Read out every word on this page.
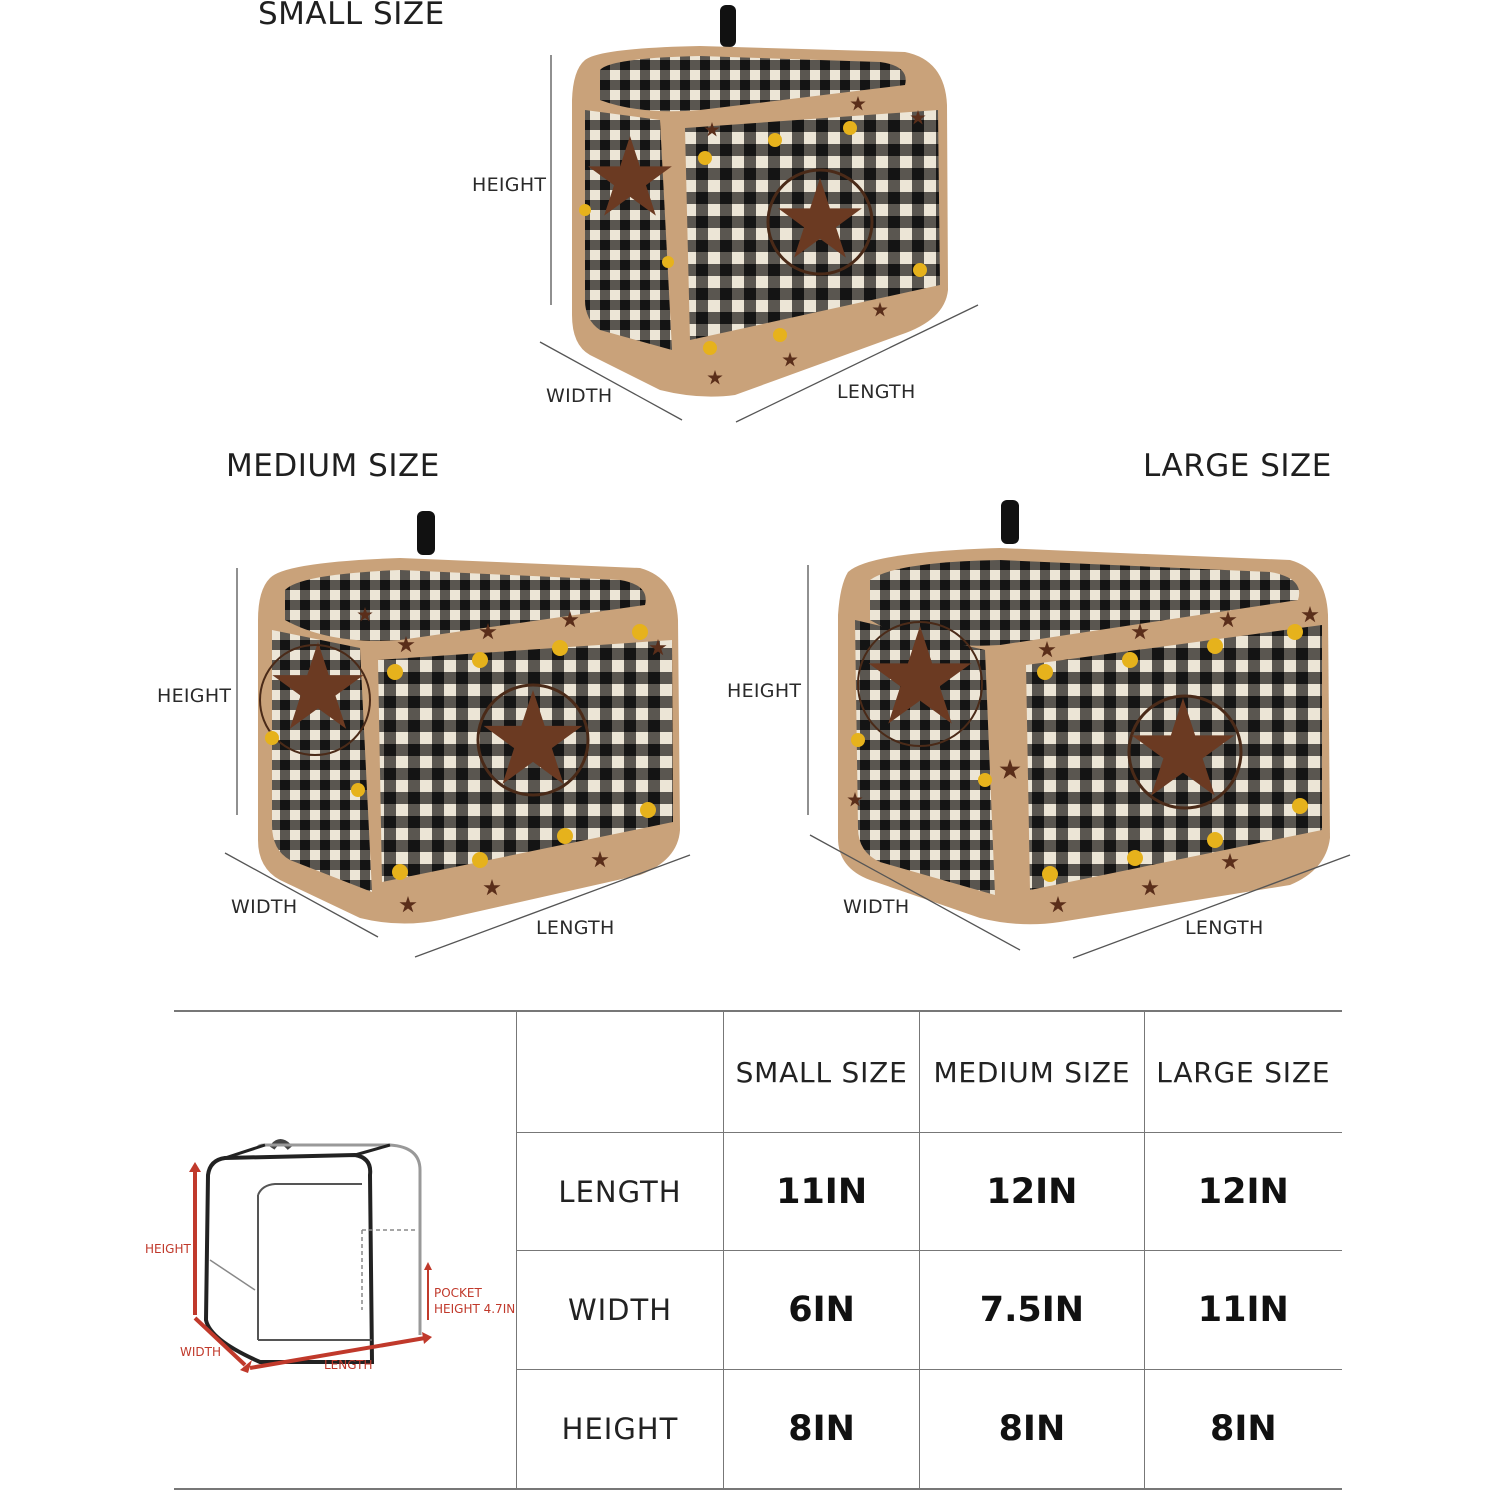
SMALL SIZE
MEDIUM SIZE	LARGE SIZE
HEIGHT
WIDTH	LENGTH
HEIGHT
WIDTH
LENGTH
HEIGHT
WIDTH
LENGTH
HEIGHT
POCKET
HEIGHT 4.7IN
WIDTH
LENGTH
	SMALL SIZE	MEDIUM SIZE	LARGE SIZE
LENGTH	11IN	12IN	12IN
WIDTH	6IN	7.5IN	11IN
HEIGHT	8IN	8IN	8IN
